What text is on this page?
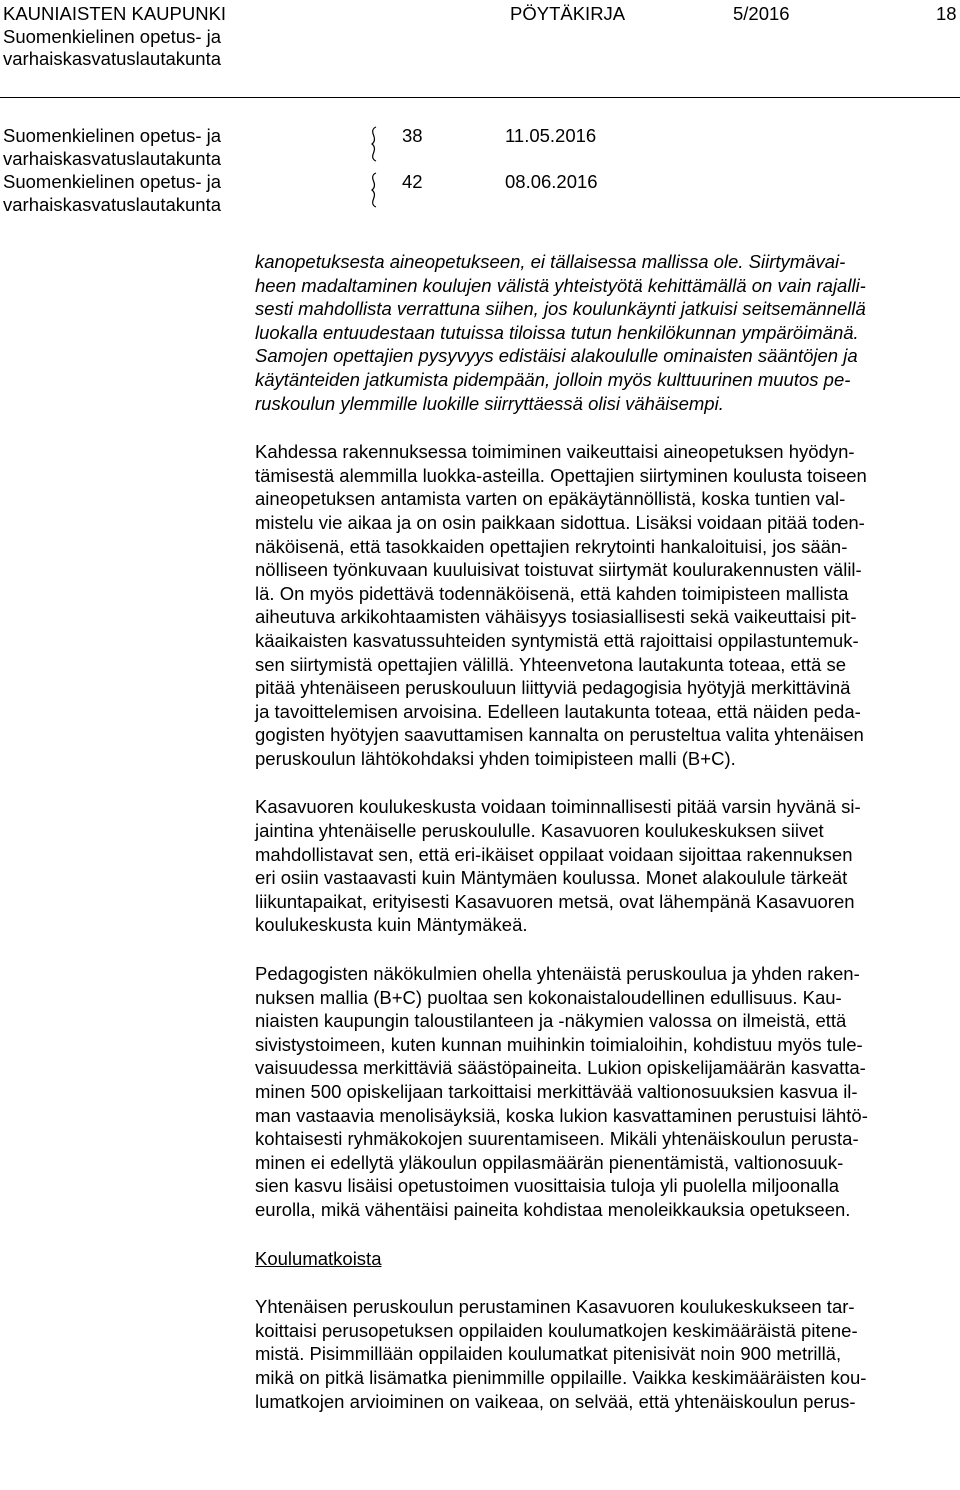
KAUNIAISTEN KAUPUNKI
Suomenkielinen opetus- ja
varhaiskasvatuslautakunta
PÖYTÄKIRJA	5/2016	18
Suomenkielinen opetus- ja
varhaiskasvatuslautakunta
38	11.05.2016
Suomenkielinen opetus- ja
varhaiskasvatuslautakunta
42	08.06.2016
kanopetuksesta aineopetukseen, ei tällaisessa mallissa ole. Siirtymävai-
heen madaltaminen koulujen välistä yhteistyötä kehittämällä on vain rajalli-
sesti mahdollista verrattuna siihen, jos koulunkäynti jatkuisi seitsemännellä
luokalla entuudestaan tutuissa tiloissa tutun henkilökunnan ympäröimänä.
Samojen opettajien pysyvyys edistäisi alakoululle ominaisten sääntöjen ja
käytänteiden jatkumista pidempään, jolloin myös kulttuurinen muutos pe-
ruskoulun ylemmille luokille siirryttäessä olisi vähäisempi.
Kahdessa rakennuksessa toimiminen vaikeuttaisi aineopetuksen hyödyn-
tämisestä alemmilla luokka-asteilla. Opettajien siirtyminen koulusta toiseen
aineopetuksen antamista varten on epäkäytännöllistä, koska tuntien val-
mistelu vie aikaa ja on osin paikkaan sidottua. Lisäksi voidaan pitää toden-
näköisenä, että tasokkaiden opettajien rekrytointi hankaloituisi, jos sään-
nölliseen työnkuvaan kuuluisivat toistuvat siirtymät koulurakennusten välil-
lä. On myös pidettävä todennäköisenä, että kahden toimipisteen mallista
aiheutuva arkikohtaamisten vähäisyys tosiasiallisesti sekä vaikeuttaisi pit-
käaikaisten kasvatussuhteiden syntymistä että rajoittaisi oppilastuntemuk-
sen siirtymistä opettajien välillä. Yhteenvetona lautakunta toteaa, että se
pitää yhtenäiseen peruskouluun liittyviä pedagogisia hyötyjä merkittävinä
ja tavoittelemisen arvoisina. Edelleen lautakunta toteaa, että näiden peda-
gogisten hyötyjen saavuttamisen kannalta on perusteltua valita yhtenäisen
peruskoulun lähtökohdaksi yhden toimipisteen malli (B+C).
Kasavuoren koulukeskusta voidaan toiminnallisesti pitää varsin hyvänä si-
jaintina yhtenäiselle peruskoululle. Kasavuoren koulukeskuksen siivet
mahdollistavat sen, että eri-ikäiset oppilaat voidaan sijoittaa rakennuksen
eri osiin vastaavasti kuin Mäntymäen koulussa. Monet alakoulule tärkeät
liikuntapaikat, erityisesti Kasavuoren metsä, ovat lähempänä Kasavuoren
koulukeskusta kuin Mäntymäkeä.
Pedagogisten näkökulmien ohella yhtenäistä peruskoulua ja yhden raken-
nuksen mallia (B+C) puoltaa sen kokonaistaloudellinen edullisuus. Kau-
niaisten kaupungin taloustilanteen ja -näkymien valossa on ilmeistä, että
sivistystoimeen, kuten kunnan muihinkin toimialoihin, kohdistuu myös tule-
vaisuudessa merkittäviä säästöpaineita. Lukion opiskelijamäärän kasvatta-
minen 500 opiskelijaan tarkoittaisi merkittävää valtionosuuksien kasvua il-
man vastaavia menolisäyksiä, koska lukion kasvattaminen perustuisi lähtö-
kohtaisesti ryhmäkokojen suurentamiseen. Mikäli yhtenäiskoulun perusta-
minen ei edellytä yläkoulun oppilasmäärän pienentämistä, valtionosuuk-
sien kasvu lisäisi opetustoimen vuosittaisia tuloja yli puolella miljoonalla
eurolla, mikä vähentäisi paineita kohdistaa menoleikkauksia opetukseen.
Koulumatkoista
Yhtenäisen peruskoulun perustaminen Kasavuoren koulukeskukseen tar-
koittaisi perusopetuksen oppilaiden koulumatkojen keskimääräistä pitene-
mistä. Pisimmillään oppilaiden koulumatkat pitenisivät noin 900 metrillä,
mikä on pitkä lisämatka pienimmille oppilaille. Vaikka keskimääräisten kou-
lumatkojen arvioiminen on vaikeaa, on selvää, että yhtenäiskoulun perus-
